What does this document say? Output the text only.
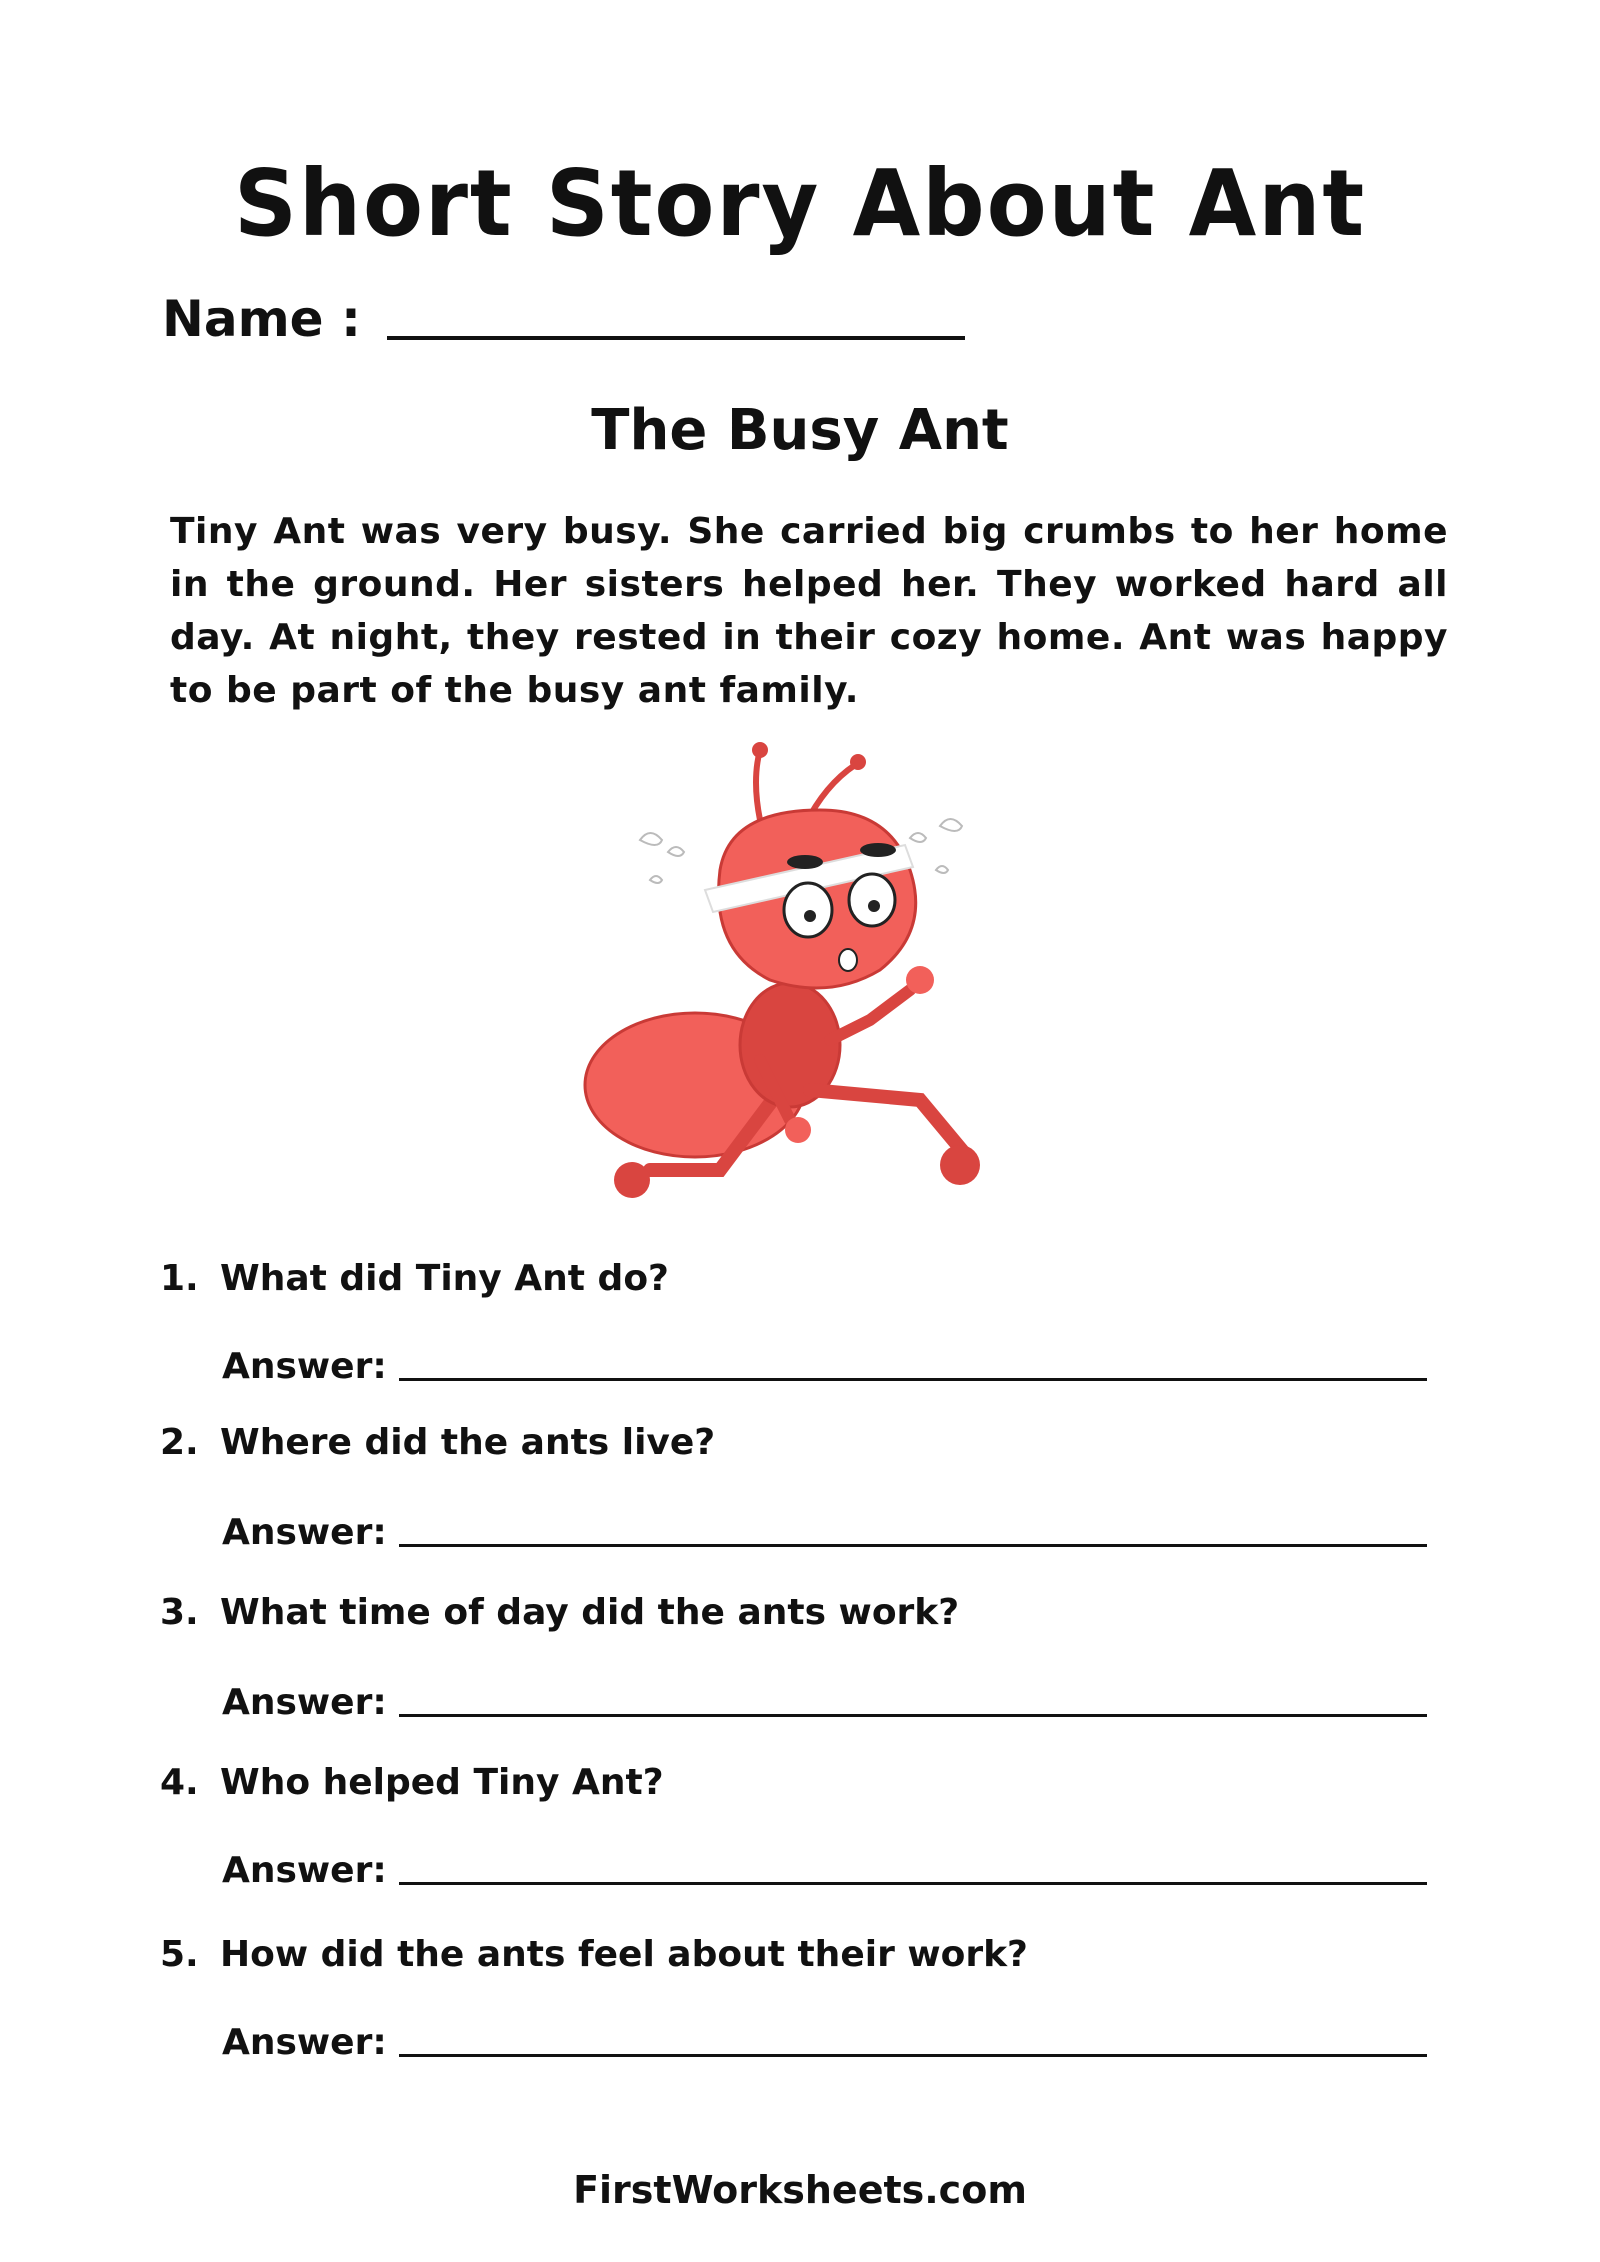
Short Story About Ant
Name :
The Busy Ant
Tiny Ant was very busy. She carried big crumbs to her home in the ground. Her sisters helped her. They worked hard all day. At night, they rested in their cozy home. Ant was happy to be part of the busy ant family.
1. What did Tiny Ant do?
Answer:
2. Where did the ants live?
Answer:
3. What time of day did the ants work?
Answer:
4. Who helped Tiny Ant?
Answer:
5. How did the ants feel about their work?
Answer:
FirstWorksheets.com
